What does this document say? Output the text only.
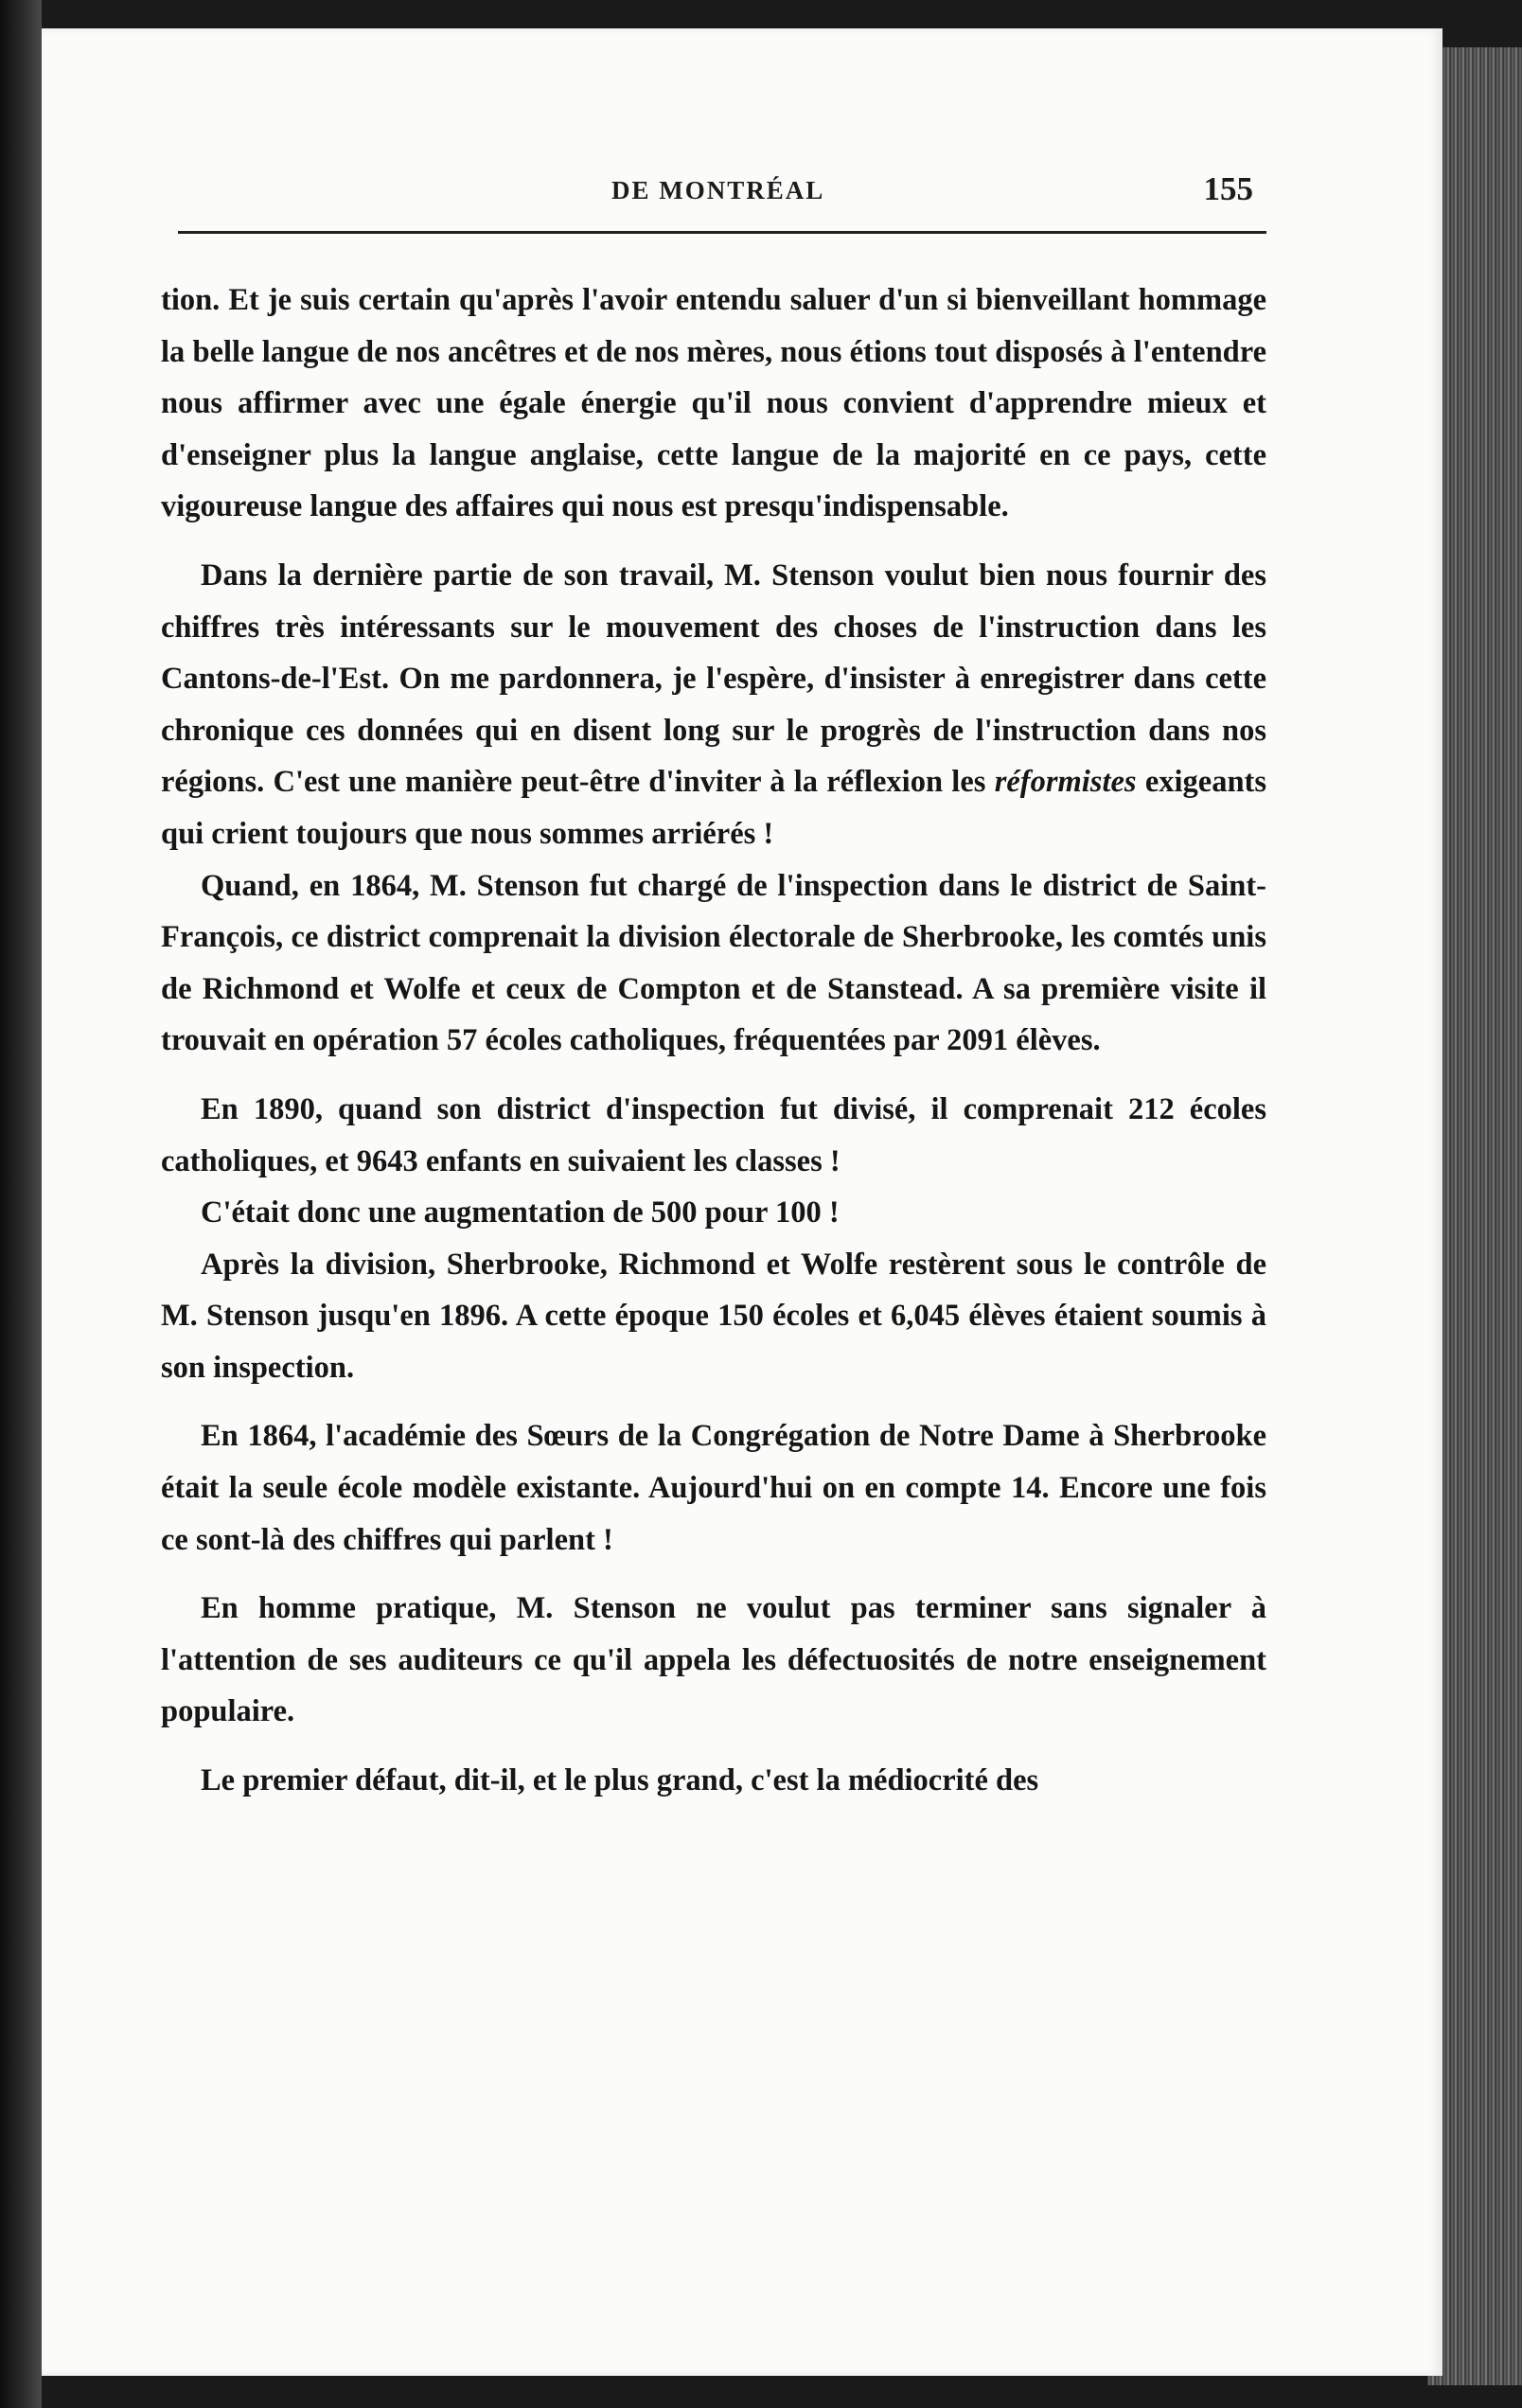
DE MONTRÉAL	155

tion. Et je suis certain qu'après l'avoir entendu saluer d'un si bienveillant hommage la belle langue de nos ancêtres et de nos mères, nous étions tout disposés à l'entendre nous affirmer avec une égale énergie qu'il nous convient d'apprendre mieux et d'enseigner plus la langue anglaise, cette langue de la majorité en ce pays, cette vigoureuse langue des affaires qui nous est presqu'indispensable.

Dans la dernière partie de son travail, M. Stenson voulut bien nous fournir des chiffres très intéressants sur le mouvement des choses de l'instruction dans les Cantons-de-l'Est. On me pardonnera, je l'espère, d'insister à enregistrer dans cette chronique ces données qui en disent long sur le progrès de l'instruction dans nos régions. C'est une manière peut-être d'inviter à la réflexion les réformistes exigeants qui crient toujours que nous sommes arriérés !

Quand, en 1864, M. Stenson fut chargé de l'inspection dans le district de Saint-François, ce district comprenait la division électorale de Sherbrooke, les comtés unis de Richmond et Wolfe et ceux de Compton et de Stanstead. A sa première visite il trouvait en opération 57 écoles catholiques, fréquentées par 2091 élèves.

En 1890, quand son district d'inspection fut divisé, il comprenait 212 écoles catholiques, et 9643 enfants en suivaient les classes !

C'était donc une augmentation de 500 pour 100 !

Après la division, Sherbrooke, Richmond et Wolfe restèrent sous le contrôle de M. Stenson jusqu'en 1896. A cette époque 150 écoles et 6,045 élèves étaient soumis à son inspection.

En 1864, l'académie des Sœurs de la Congrégation de Notre Dame à Sherbrooke était la seule école modèle existante. Aujourd'hui on en compte 14. Encore une fois ce sont-là des chiffres qui parlent !

En homme pratique, M. Stenson ne voulut pas terminer sans signaler à l'attention de ses auditeurs ce qu'il appela les défectuosités de notre enseignement populaire.

Le premier défaut, dit-il, et le plus grand, c'est la médiocrité des
